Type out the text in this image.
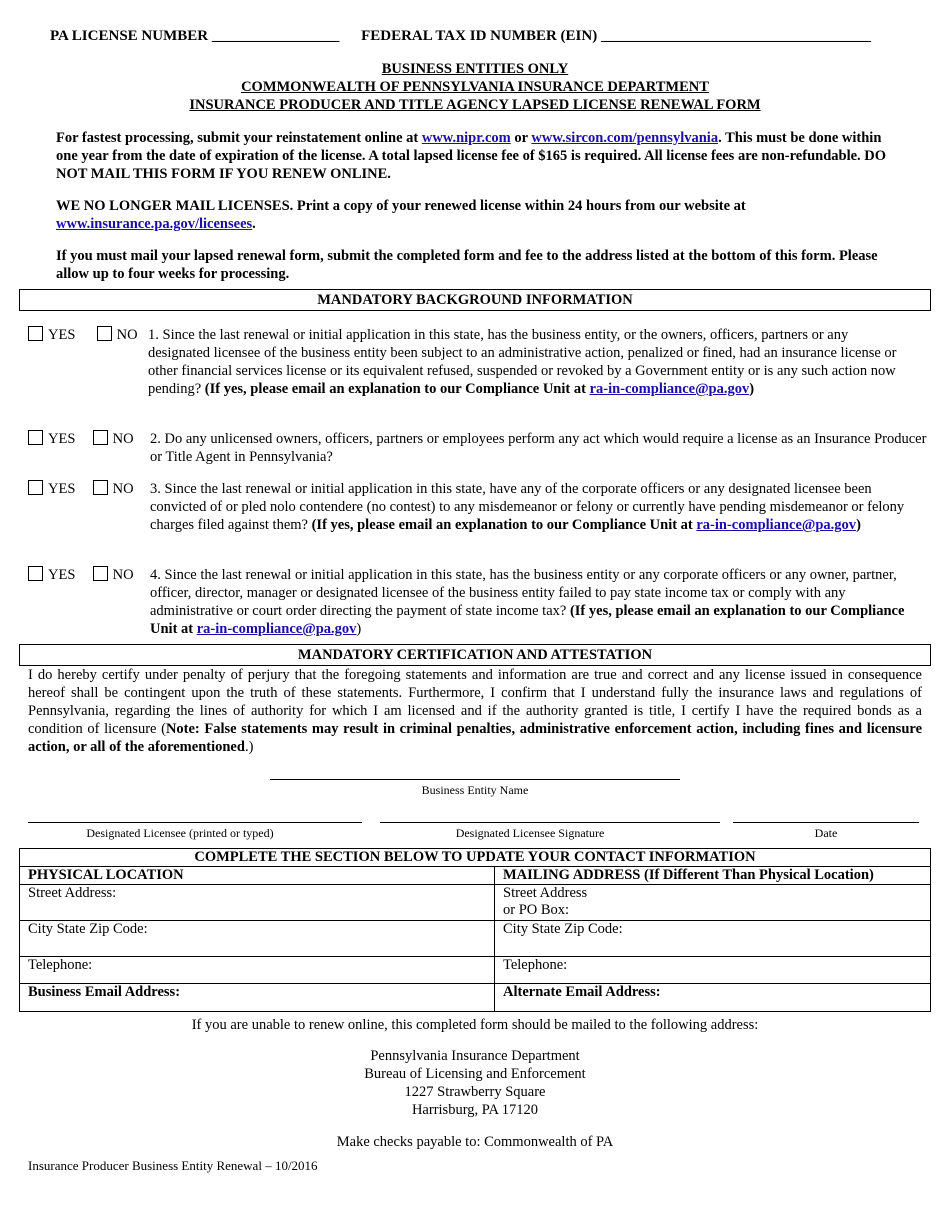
PA LICENSE NUMBER _________________ FEDERAL TAX ID NUMBER (EIN) ____________________________________
BUSINESS ENTITIES ONLY
COMMONWEALTH OF PENNSYLVANIA INSURANCE DEPARTMENT
INSURANCE PRODUCER AND TITLE AGENCY LAPSED LICENSE RENEWAL FORM
For fastest processing, submit your reinstatement online at www.nipr.com or www.sircon.com/pennsylvania. This must be done within one year from the date of expiration of the license. A total lapsed license fee of $165 is required. All license fees are non-refundable. DO NOT MAIL THIS FORM IF YOU RENEW ONLINE.
WE NO LONGER MAIL LICENSES. Print a copy of your renewed license within 24 hours from our website at www.insurance.pa.gov/licensees.
If you must mail your lapsed renewal form, submit the completed form and fee to the address listed at the bottom of this form. Please allow up to four weeks for processing.
MANDATORY BACKGROUND INFORMATION
YES	NO 1. Since the last renewal or initial application in this state, has the business entity, or the owners, officers, partners or any designated licensee of the business entity been subject to an administrative action, penalized or fined, had an insurance license or other financial services license or its equivalent refused, suspended or revoked by a Government entity or is any such action now pending? (If yes, please email an explanation to our Compliance Unit at ra-in-compliance@pa.gov)
YES	NO 2. Do any unlicensed owners, officers, partners or employees perform any act which would require a license as an Insurance Producer or Title Agent in Pennsylvania?
YES	NO 3. Since the last renewal or initial application in this state, have any of the corporate officers or any designated licensee been convicted of or pled nolo contendere (no contest) to any misdemeanor or felony or currently have pending misdemeanor or felony charges filed against them? (If yes, please email an explanation to our Compliance Unit at ra-in-compliance@pa.gov)
YES	NO 4. Since the last renewal or initial application in this state, has the business entity or any corporate officers or any owner, partner, officer, director, manager or designated licensee of the business entity failed to pay state income tax or comply with any administrative or court order directing the payment of state income tax? (If yes, please email an explanation to our Compliance Unit at ra-in-compliance@pa.gov)
MANDATORY CERTIFICATION AND ATTESTATION
I do hereby certify under penalty of perjury that the foregoing statements and information are true and correct and any license issued in consequence hereof shall be contingent upon the truth of these statements. Furthermore, I confirm that I understand fully the insurance laws and regulations of Pennsylvania, regarding the lines of authority for which I am licensed and if the authority granted is title, I certify I have the required bonds as a condition of licensure (Note: False statements may result in criminal penalties, administrative enforcement action, including fines and licensure action, or all of the aforementioned.)
Business Entity Name
Designated Licensee (printed or typed)	Designated Licensee Signature	Date
COMPLETE THE SECTION BELOW TO UPDATE YOUR CONTACT INFORMATION	
PHYSICAL LOCATION	MAILING ADDRESS (If Different Than Physical Location)
Street Address:	Street Address
or PO Box:
City State Zip Code:	City State Zip Code:
Telephone:	Telephone:
Business Email Address:	Alternate Email Address:
If you are unable to renew online, this completed form should be mailed to the following address:
Pennsylvania Insurance Department
Bureau of Licensing and Enforcement
1227 Strawberry Square
Harrisburg, PA 17120
Make checks payable to: Commonwealth of PA
Insurance Producer Business Entity Renewal – 10/2016
